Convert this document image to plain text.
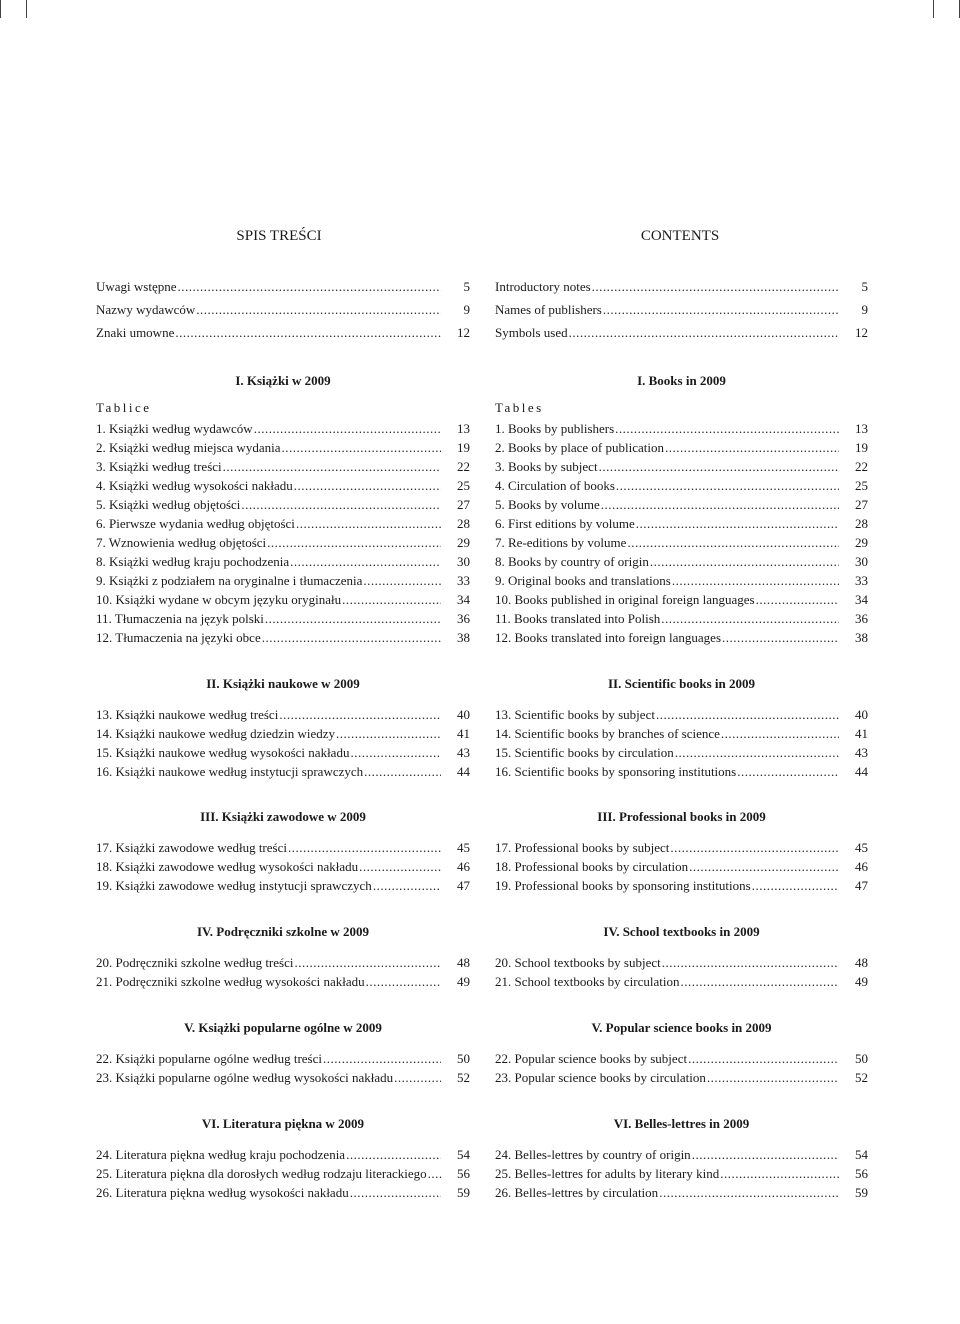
SPIS TREŚCI
Uwagi wstępne .....	5
Nazwy wydawców .....	9
Znaki umowne .....	12
I. Książki w 2009
Tablice
1. Książki według wydawców .....	13
2. Książki według miejsca wydania .....	19
3. Książki według treści .....	22
4. Książki według wysokości nakładu .....	25
5. Książki według objętości .....	27
6. Pierwsze wydania według objętości .....	28
7. Wznowienia według objętości .....	29
8. Książki według kraju pochodzenia .....	30
9. Książki z podziałem na oryginalne i tłumaczenia .....	33
10. Książki wydane w obcym języku oryginału .....	34
11. Tłumaczenia na język polski .....	36
12. Tłumaczenia na języki obce .....	38
II. Książki naukowe w 2009
13. Książki naukowe według treści .....	40
14. Książki naukowe według dziedzin wiedzy .....	41
15. Książki naukowe według wysokości nakładu .....	43
16. Książki naukowe według instytucji sprawczych .....	44
III. Książki zawodowe w 2009
17. Książki zawodowe według treści .....	45
18. Książki zawodowe według wysokości nakładu .....	46
19. Książki zawodowe według instytucji sprawczych .....	47
IV. Podręczniki szkolne w 2009
20. Podręczniki szkolne według treści .....	48
21. Podręczniki szkolne według wysokości nakładu .....	49
V. Książki popularne ogólne w 2009
22. Książki popularne ogólne według treści .....	50
23. Książki popularne ogólne według wysokości nakładu .....	52
VI. Literatura piękna w 2009
24. Literatura piękna według kraju pochodzenia .....	54
25. Literatura piękna dla dorosłych według rodzaju literackiego .....	56
26. Literatura piękna według wysokości nakładu .....	59
CONTENTS
Introductory notes .....	5
Names of publishers .....	9
Symbols used .....	12
I. Books in 2009
Tables
1. Books by publishers .....	13
2. Books by place of publication .....	19
3. Books by subject .....	22
4. Circulation of books .....	25
5. Books by volume .....	27
6. First editions by volume .....	28
7. Re-editions by volume .....	29
8. Books by country of origin .....	30
9. Original books and translations .....	33
10. Books published in original foreign languages .....	34
11. Books translated into Polish .....	36
12. Books translated into foreign languages .....	38
II. Scientific books in 2009
13. Scientific books by subject .....	40
14. Scientific books by branches of science .....	41
15. Scientific books by circulation .....	43
16. Scientific books by sponsoring institutions .....	44
III. Professional books in 2009
17. Professional books by subject .....	45
18. Professional books by circulation .....	46
19. Professional books by sponsoring institutions .....	47
IV. School textbooks in 2009
20. School textbooks by subject .....	48
21. School textbooks by circulation .....	49
V. Popular science books in 2009
22. Popular science books by subject .....	50
23. Popular science books by circulation .....	52
VI. Belles-lettres in 2009
24. Belles-lettres by country of origin .....	54
25. Belles-lettres for adults by literary kind .....	56
26. Belles-lettres by circulation .....	59
